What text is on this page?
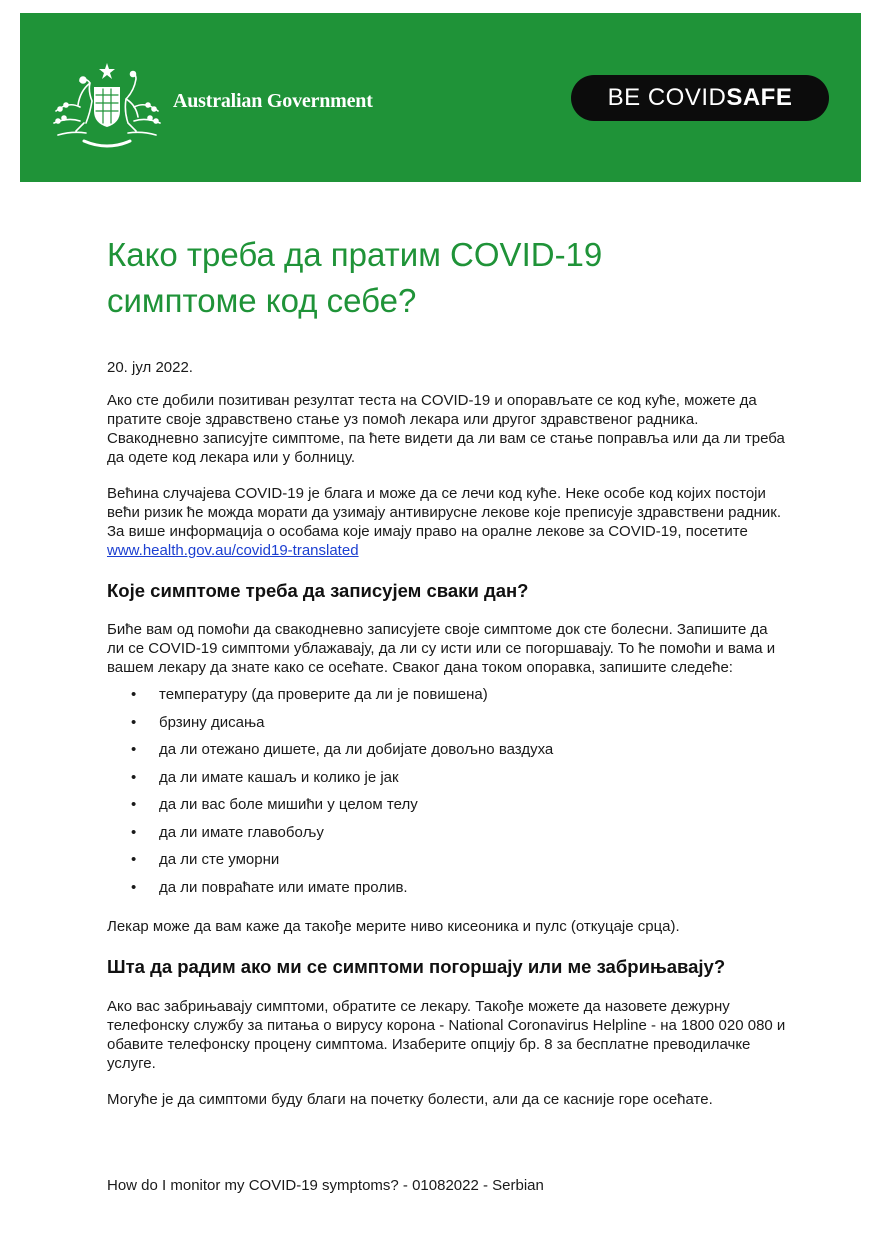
Australian Government	BE COVIDSAFE
Како треба да пратим COVID-19
симптоме код себе?

20. јул 2022.

Ако сте добили позитиван резултат теста на COVID-19 и опорављате се код куће, можете да пратите своје здравствено стање уз помоћ лекара или другог здравственог радника. Свакодневно записујте симптоме, па ћете видети да ли вам се стање поправља или да ли треба да одете код лекара или у болницу.

Већина случајева COVID-19 је блага и може да се лечи код куће. Неке особе код којих постоји већи ризик ће можда морати да узимају антивирусне лекове које преписује здравствени радник. За више информација о особама које имају право на оралне лекове за COVID-19, посетите www.health.gov.au/covid19-translated

Које симптоме треба да записујем сваки дан?

Биће вам од помоћи да свакодневно записујете своје симптоме док сте болесни. Запишите да ли се COVID-19 симптоми ублажавају, да ли су исти или се погоршавају. То ће помоћи и вама и вашем лекару да знате како се осећате. Сваког дана током опоравка, запишите следеће:

• температуру (да проверите да ли је повишена)
• брзину дисања
• да ли отежано дишете, да ли добијате довољно ваздуха
• да ли имате кашаљ и колико је јак
• да ли вас боле мишићи у целом телу
• да ли имате главобољу
• да ли сте уморни
• да ли повраћате или имате пролив.

Лекар може да вам каже да такође мерите ниво кисеоника и пулс (откуцаје срца).

Шта да радим ако ми се симптоми погоршају или ме забрињавају?

Ако вас забрињавају симптоми, обратите се лекару. Такође можете да назовете дежурну телефонску службу за питања о вирусу корона - National Coronavirus Helpline - на 1800 020 080 и обавите телефонску процену симптома. Изаберите опцију бр. 8 за бесплатне преводилачке услуге.

Могуће је да симптоми буду благи на почетку болести, али да се касније горе осећате.

How do I monitor my COVID-19 symptoms? - 01082022 - Serbian
